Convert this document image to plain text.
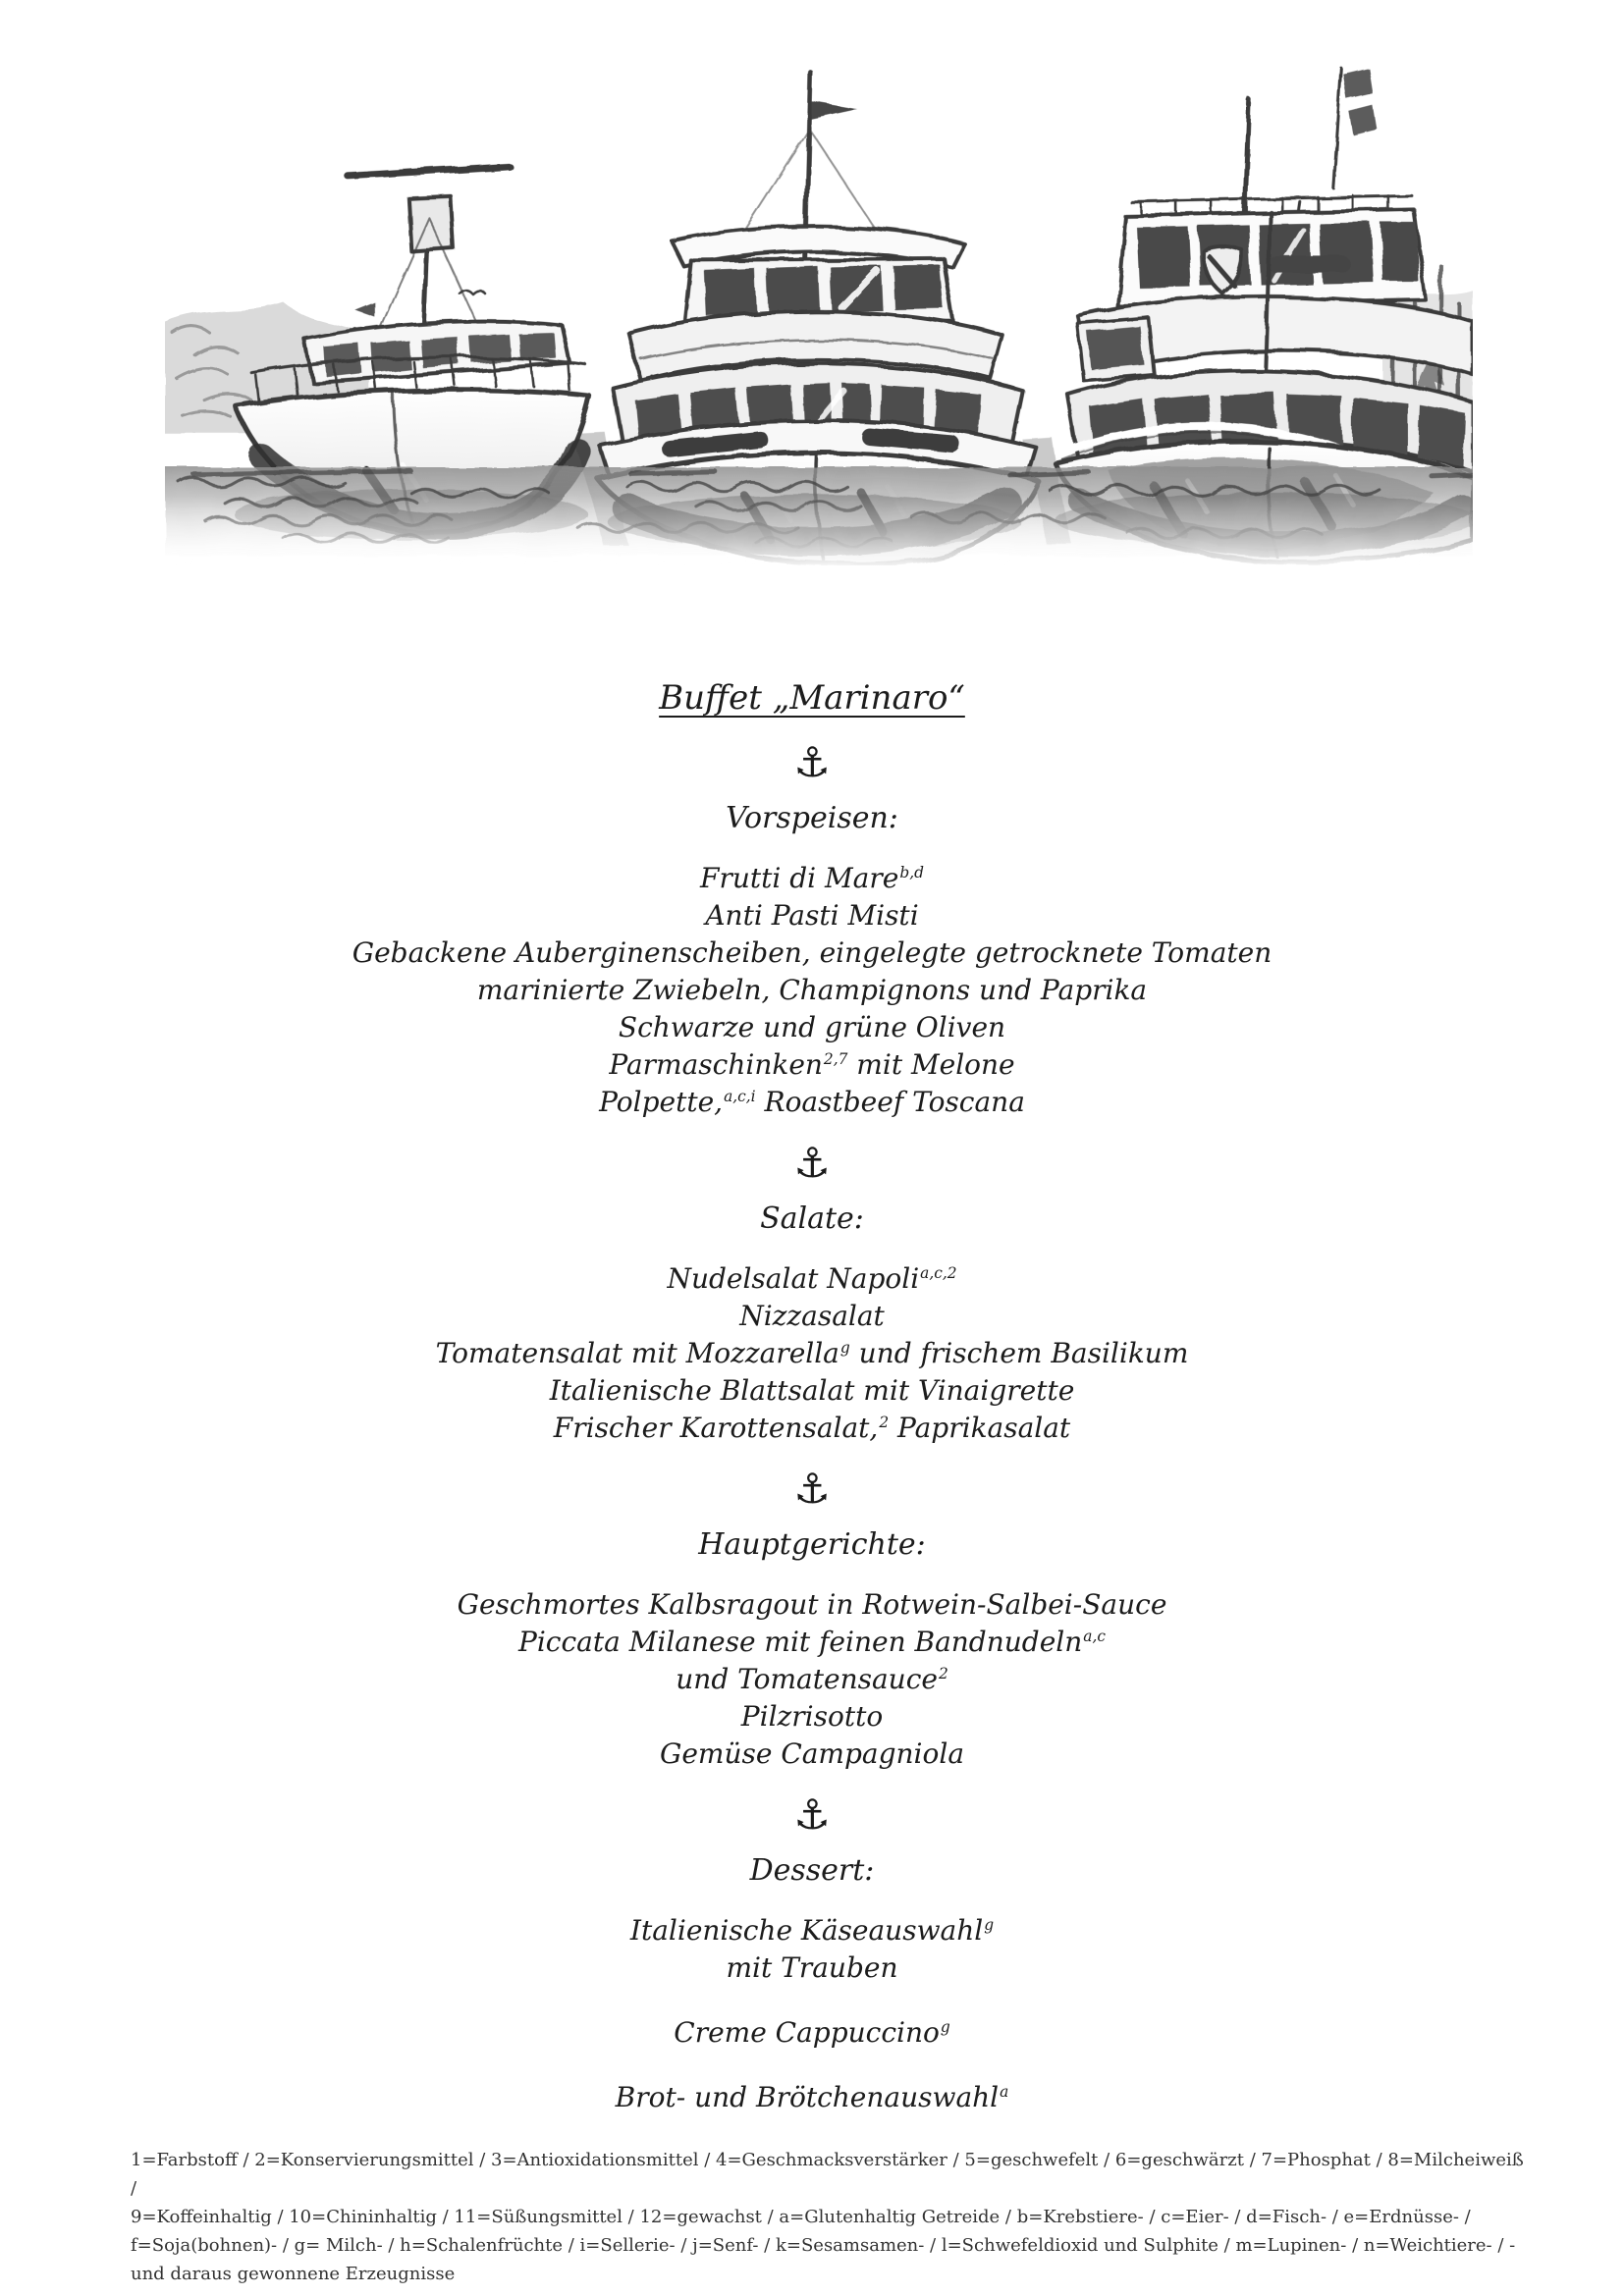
Buffet „Marinaro“
⚓
Vorspeisen:
Frutti di Mare$^{b,d}$
Anti Pasti Misti
Gebackene Auberginenscheiben, eingelegte getrocknete Tomaten
marinierte Zwiebeln, Champignons und Paprika
Schwarze und grüne Oliven
Parmaschinken$^{2,7}$ mit Melone
Polpette,$^{a,c,i}$ Roastbeef Toscana
⚓
Salate:
Nudelsalat Napoli$^{a,c,2}$
Nizzasalat
Tomatensalat mit Mozzarella$^g$ und frischem Basilikum
Italienische Blattsalat mit Vinaigrette
Frischer Karottensalat,$^2$ Paprikasalat
⚓
Hauptgerichte:
Geschmortes Kalbsragout in Rotwein-Salbei-Sauce
Piccata Milanese mit feinen Bandnudeln$^{a,c}$
und Tomatensauce$^2$
Pilzrisotto
Gemüse Campagniola
⚓
Dessert:
Italienische Käseauswahl$^g$
mit Trauben
Creme Cappuccino$^g$
Brot- und Brötchenauswahl$^a$
1=Farbstoff / 2=Konservierungsmittel / 3=Antioxidationsmittel / 4=Geschmacksverstärker / 5=geschwefelt / 6=geschwärzt / 7=Phosphat / 8=Milcheiweiß /
9=Koffeinhaltig / 10=Chininhaltig / 11=Süßungsmittel / 12=gewachst / a=Glutenhaltig Getreide / b=Krebstiere- / c=Eier- / d=Fisch- / e=Erdnüsse- /
f=Soja(bohnen)- / g= Milch- / h=Schalenfrüchte / i=Sellerie- / j=Senf- / k=Sesamsamen- / l=Schwefeldioxid und Sulphite / m=Lupinen- / n=Weichtiere- / -
und daraus gewonnene Erzeugnisse
